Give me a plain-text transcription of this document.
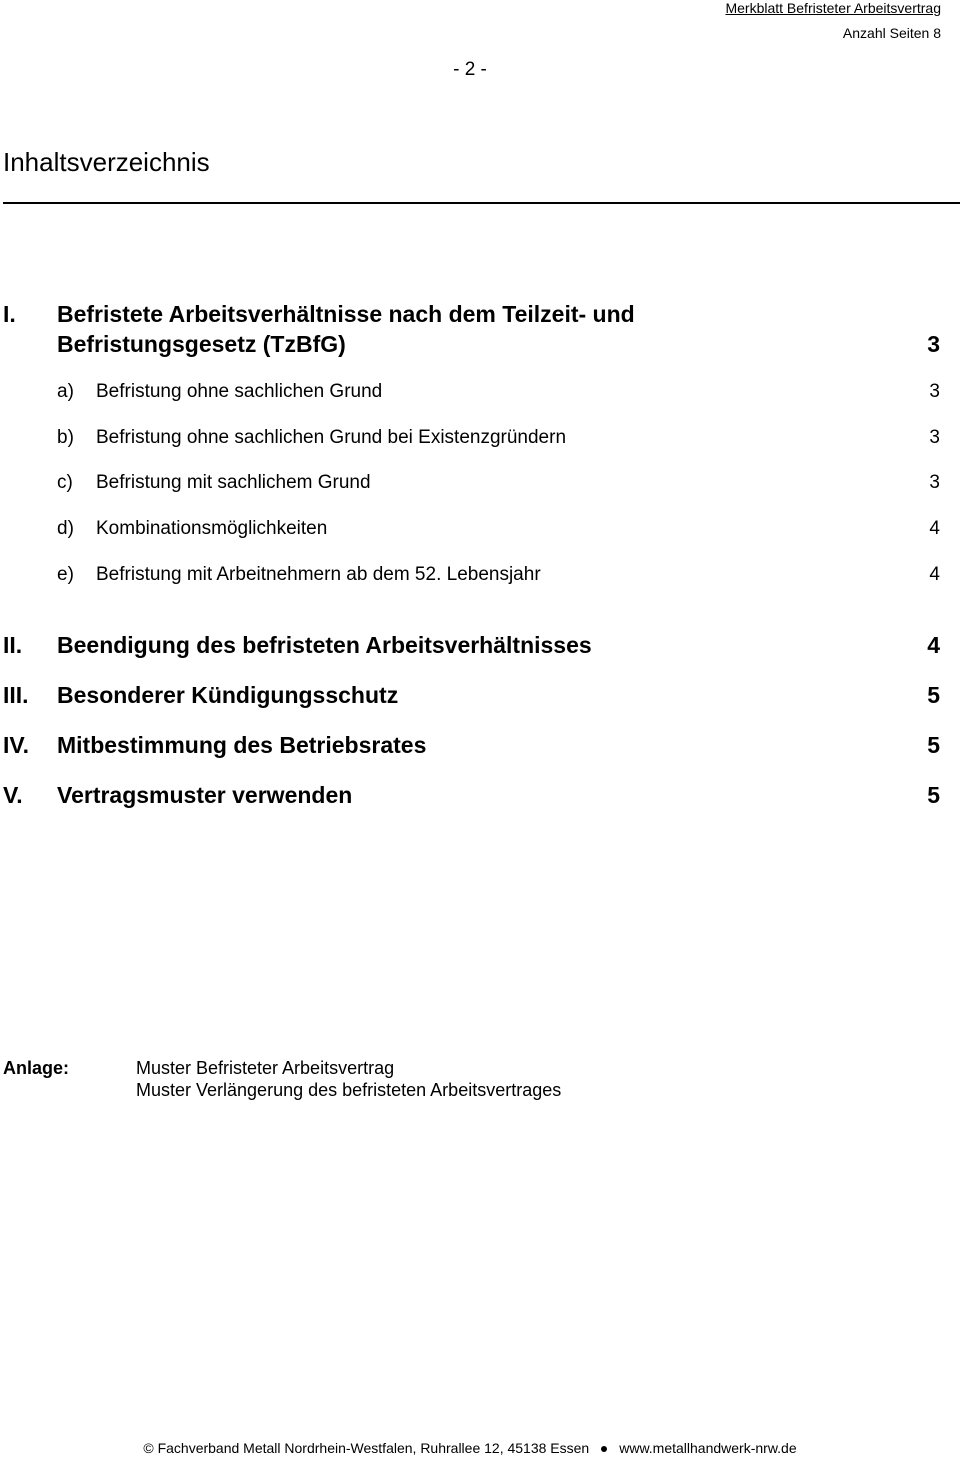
Merkblatt Befristeter Arbeitsvertrag
Anzahl Seiten 8
- 2 -
Inhaltsverzeichnis
I. Befristete Arbeitsverhältnisse nach dem Teilzeit- und
Befristungsgesetz (TzBfG)	3
a) Befristung ohne sachlichen Grund	3
b) Befristung ohne sachlichen Grund bei Existenzgründern	3
c) Befristung mit sachlichem Grund	3
d) Kombinationsmöglichkeiten	4
e) Befristung mit Arbeitnehmern ab dem 52. Lebensjahr	4
II. Beendigung des befristeten Arbeitsverhältnisses	4
III. Besonderer Kündigungsschutz	5
IV. Mitbestimmung des Betriebsrates	5
V. Vertragsmuster verwenden	5
Anlage:	Muster Befristeter Arbeitsvertrag
Muster Verlängerung des befristeten Arbeitsvertrages
© Fachverband Metall Nordrhein-Westfalen, Ruhrallee 12, 45138 Essen www.metallhandwerk-nrw.de
